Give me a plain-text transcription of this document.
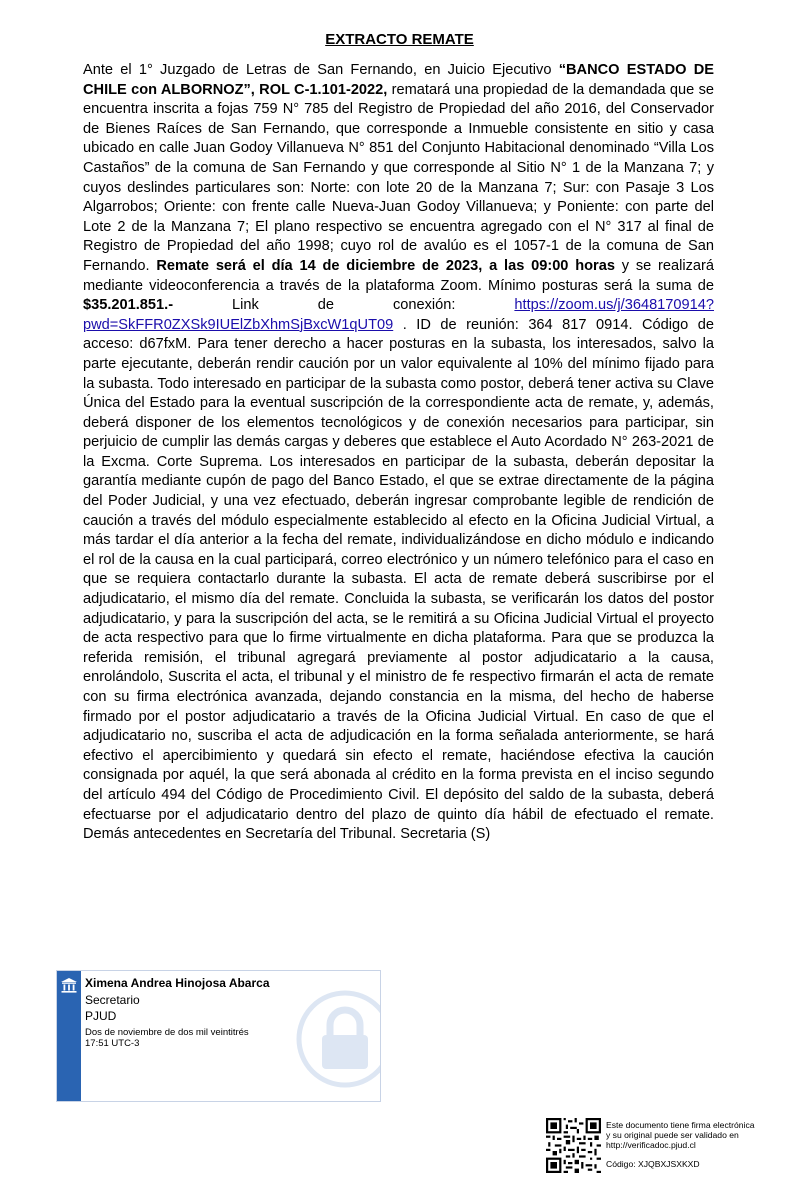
EXTRACTO REMATE
Ante el 1° Juzgado de Letras de San Fernando, en Juicio Ejecutivo “BANCO ESTADO DE CHILE con ALBORNOZ”, ROL C-1.101-2022, rematará una propiedad de la demandada que se encuentra inscrita a fojas 759 N° 785 del Registro de Propiedad del año 2016, del Conservador de Bienes Raíces de San Fernando, que corresponde a Inmueble consistente en sitio y casa ubicado en calle Juan Godoy Villanueva N° 851 del Conjunto Habitacional denominado “Villa Los Castaños” de la comuna de San Fernando y que corresponde al Sitio N° 1 de la Manzana 7; y cuyos deslindes particulares son: Norte: con lote 20 de la Manzana 7; Sur: con Pasaje 3 Los Algarrobos; Oriente: con frente calle Nueva-Juan Godoy Villanueva; y Poniente: con parte del Lote 2 de la Manzana 7; El plano respectivo se encuentra agregado con el N° 317 al final de Registro de Propiedad del año 1998; cuyo rol de avalúo es el 1057-1 de la comuna de San Fernando. Remate será el día 14 de diciembre de 2023, a las 09:00 horas y se realizará mediante videoconferencia a través de la plataforma Zoom. Mínimo posturas será la suma de $35.201.851.- Link de conexión: https://zoom.us/j/3648170914?pwd=SkFFR0ZXSk9IUElZbXhmSjBxcW1qUT09 . ID de reunión: 364 817 0914. Código de acceso: d67fxM. Para tener derecho a hacer posturas en la subasta, los interesados, salvo la parte ejecutante, deberán rendir caución por un valor equivalente al 10% del mínimo fijado para la subasta. Todo interesado en participar de la subasta como postor, deberá tener activa su Clave Única del Estado para la eventual suscripción de la correspondiente acta de remate, y, además, deberá disponer de los elementos tecnológicos y de conexión necesarios para participar, sin perjuicio de cumplir las demás cargas y deberes que establece el Auto Acordado N° 263-2021 de la Excma. Corte Suprema. Los interesados en participar de la subasta, deberán depositar la garantía mediante cupón de pago del Banco Estado, el que se extrae directamente de la página del Poder Judicial, y una vez efectuado, deberán ingresar comprobante legible de rendición de caución a través del módulo especialmente establecido al efecto en la Oficina Judicial Virtual, a más tardar el día anterior a la fecha del remate, individualizándose en dicho módulo e indicando el rol de la causa en la cual participará, correo electrónico y un número telefónico para el caso en que se requiera contactarlo durante la subasta. El acta de remate deberá suscribirse por el adjudicatario, el mismo día del remate. Concluida la subasta, se verificarán los datos del postor adjudicatario, y para la suscripción del acta, se le remitirá a su Oficina Judicial Virtual el proyecto de acta respectivo para que lo firme virtualmente en dicha plataforma. Para que se produzca la referida remisión, el tribunal agregará previamente al postor adjudicatario a la causa, enrolándolo, Suscrita el acta, el tribunal y el ministro de fe respectivo firmarán el acta de remate con su firma electrónica avanzada, dejando constancia en la misma, del hecho de haberse firmado por el postor adjudicatario a través de la Oficina Judicial Virtual. En caso de que el adjudicatario no, suscriba el acta de adjudicación en la forma señalada anteriormente, se hará efectivo el apercibimiento y quedará sin efecto el remate, haciéndose efectiva la caución consignada por aquél, la que será abonada al crédito en la forma prevista en el inciso segundo del artículo 494 del Código de Procedimiento Civil. El depósito del saldo de la subasta, deberá efectuarse por el adjudicatario dentro del plazo de quinto día hábil de efectuado el remate. Demás antecedentes en Secretaría del Tribunal. Secretaria (S)
Ximena Andrea Hinojosa Abarca
Secretario
PJUD
Dos de noviembre de dos mil veintitrés
17:51 UTC-3
Este documento tiene firma electrónica
y su original puede ser validado en
http://verificadoc.pjud.cl
Código: XJQBXJSXKXD
